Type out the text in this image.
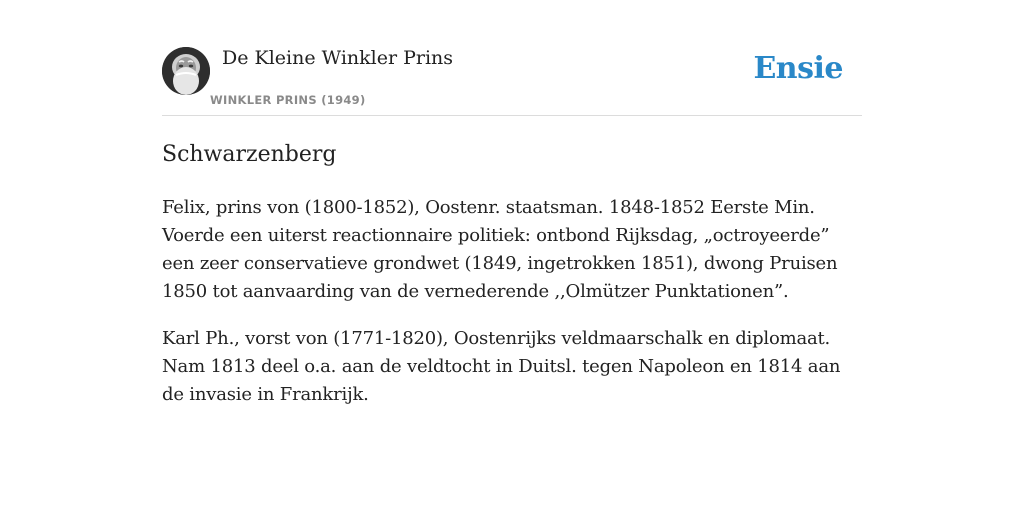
De Kleine Winkler Prins
WINKLER PRINS (1949)
Ensie
Schwarzenberg

Felix, prins von (1800-1852), Oostenr. staatsman. 1848-1852 Eerste Min. Voerde een uiterst reactionnaire politiek: ontbond Rijksdag, „octroyeerde” een zeer conservatieve grondwet (1849, ingetrokken 1851), dwong Pruisen 1850 tot aanvaarding van de vernederende ,,Olmützer Punktationen”.

Karl Ph., vorst von (1771-1820), Oostenrijks veldmaarschalk en diplomaat. Nam 1813 deel o.a. aan de veldtocht in Duitsl. tegen Napoleon en 1814 aan de invasie in Frankrijk.
